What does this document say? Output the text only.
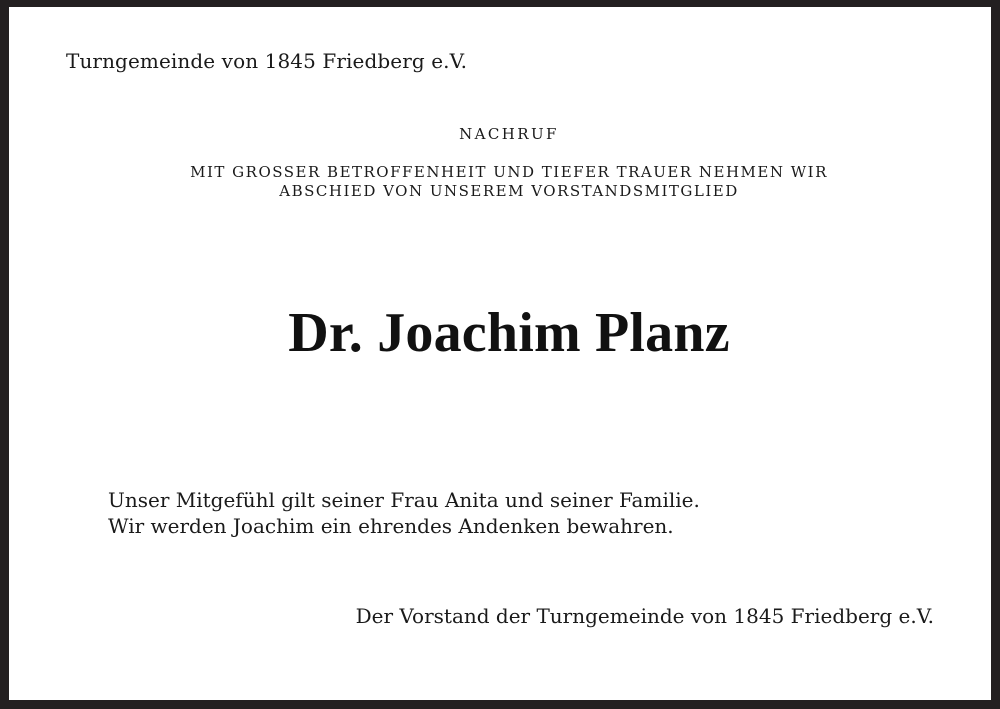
Turngemeinde von 1845 Friedberg e.V.
NACHRUF
MIT GROSSER BETROFFENHEIT UND TIEFER TRAUER NEHMEN WIR
ABSCHIED VON UNSEREM VORSTANDSMITGLIED
Dr. Joachim Planz
Unser Mitgefühl gilt seiner Frau Anita und seiner Familie.
Wir werden Joachim ein ehrendes Andenken bewahren.
Der Vorstand der Turngemeinde von 1845 Friedberg e.V.
